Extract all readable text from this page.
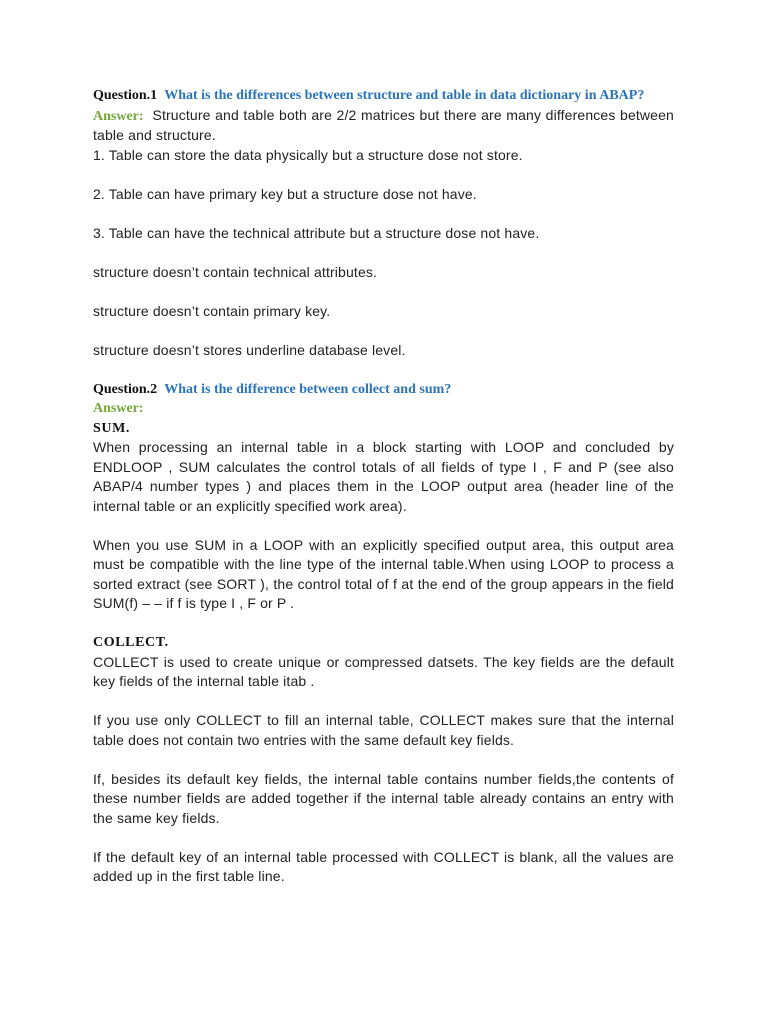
Question.1 What is the differences between structure and table in data dictionary in ABAP?

Answer: Structure and table both are 2/2 matrices but there are many differences between table and structure.

1. Table can store the data physically but a structure dose not store.

2. Table can have primary key but a structure dose not have.

3. Table can have the technical attribute but a structure dose not have.

structure doesn’t contain technical attributes.

structure doesn’t contain primary key.

structure doesn’t stores underline database level.

Question.2 What is the difference between collect and sum?

Answer:

SUM.

When processing an internal table in a block starting with LOOP and concluded by ENDLOOP , SUM calculates the control totals of all fields of type I , F and P (see also ABAP/4 number types ) and places them in the LOOP output area (header line of the internal table or an explicitly specified work area).

When you use SUM in a LOOP with an explicitly specified output area, this output area must be compatible with the line type of the internal table.When using LOOP to process a sorted extract (see SORT ), the control total of f at the end of the group appears in the field SUM(f) – – if f is type I , F or P .

COLLECT.

COLLECT is used to create unique or compressed datsets. The key fields are the default key fields of the internal table itab .

If you use only COLLECT to fill an internal table, COLLECT makes sure that the internal table does not contain two entries with the same default key fields.

If, besides its default key fields, the internal table contains number fields,the contents of these number fields are added together if the internal table already contains an entry with the same key fields.

If the default key of an internal table processed with COLLECT is blank, all the values are added up in the first table line.
